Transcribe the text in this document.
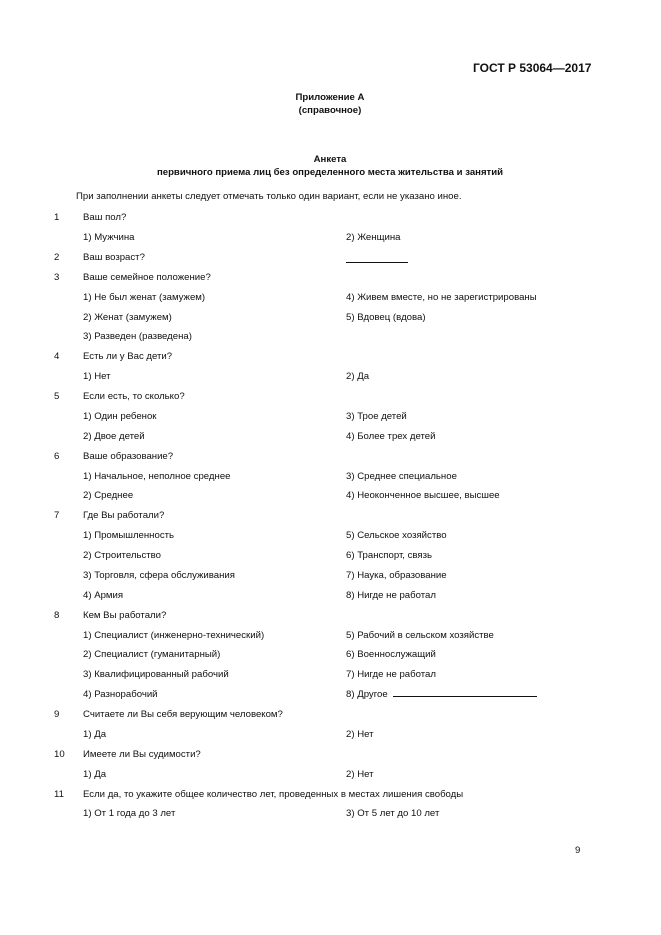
ГОСТ Р 53064—2017
Приложение А
(справочное)
Анкета
первичного приема лиц без определенного места жительства и занятий
При заполнении анкеты следует отмечать только один вариант, если не указано иное.
1 Ваш пол?
1) Мужчина	2) Женщина
2 Ваш возраст?
3 Ваше семейное положение?
1) Не был женат (замужем)	4) Живем вместе, но не зарегистрированы
2) Женат (замужем)	5) Вдовец (вдова)
3) Разведен (разведена)
4 Есть ли у Вас дети?
1) Нет	2) Да
5 Если есть, то сколько?
1) Один ребенок	3) Трое детей
2) Двое детей	4) Более трех детей
6 Ваше образование?
1) Начальное, неполное среднее	3) Среднее специальное
2) Среднее	4) Неоконченное высшее, высшее
7 Где Вы работали?
1) Промышленность	5) Сельское хозяйство
2) Строительство	6) Транспорт, связь
3) Торговля, сфера обслуживания	7) Наука, образование
4) Армия	8) Нигде не работал
8 Кем Вы работали?
1) Специалист (инженерно-технический)	5) Рабочий в сельском хозяйстве
2) Специалист (гуманитарный)	6) Военнослужащий
3) Квалифицированный рабочий	7) Нигде не работал
4) Разнорабочий	8) Другое
9 Считаете ли Вы себя верующим человеком?
1) Да	2) Нет
10 Имеете ли Вы судимости?
1) Да	2) Нет
11 Если да, то укажите общее количество лет, проведенных в местах лишения свободы
1) От 1 года до 3 лет	3) От 5 лет до 10 лет
9
